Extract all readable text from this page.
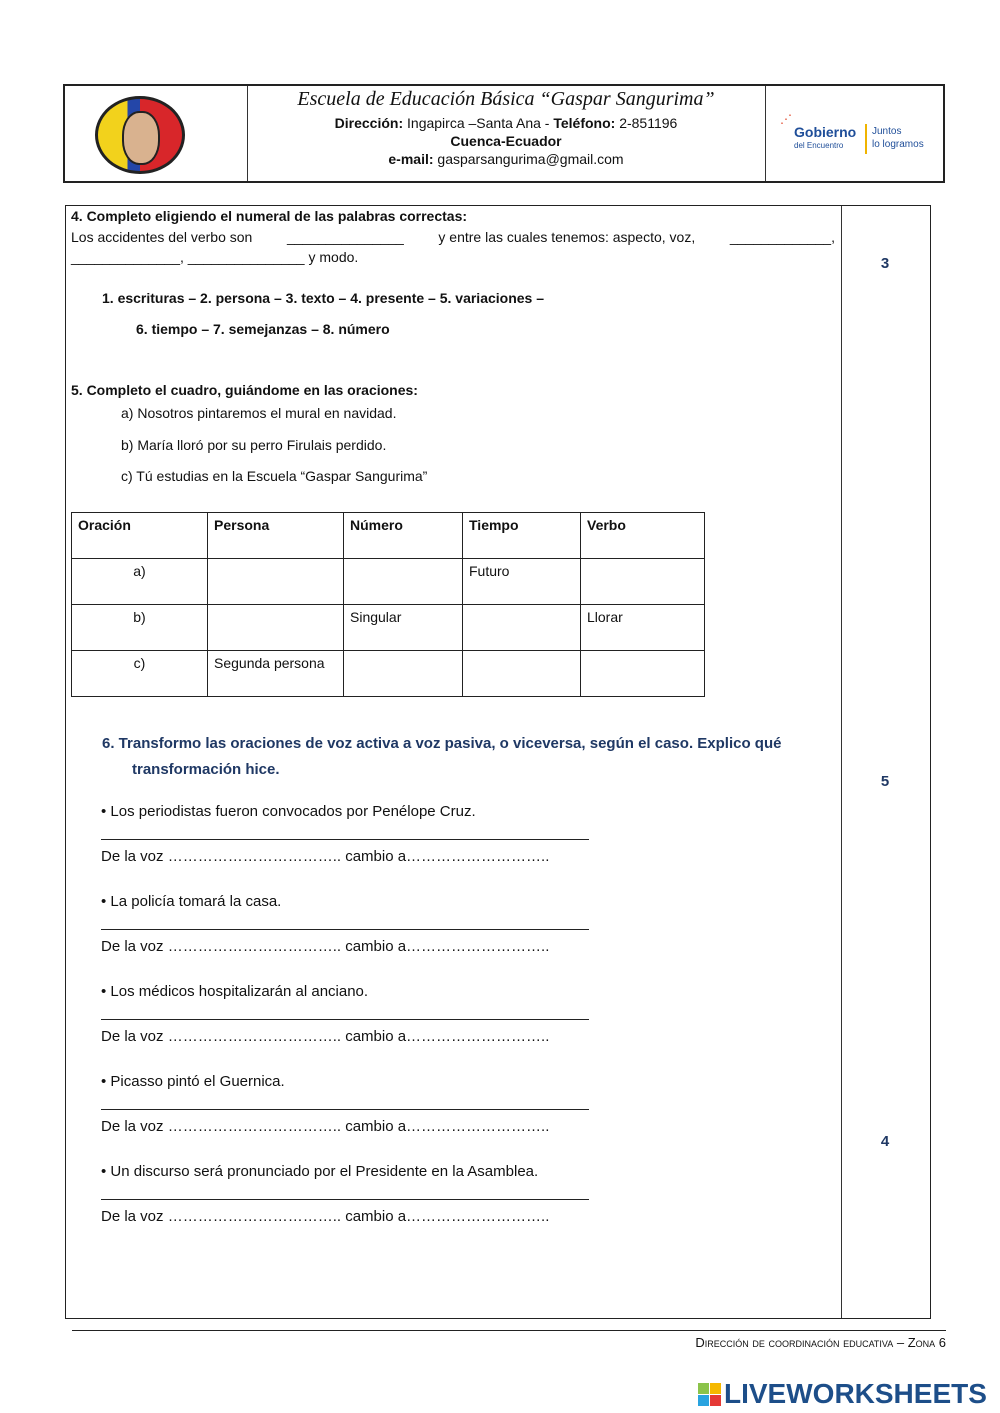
Escuela de Educación Básica “Gaspar Sangurima”
Dirección: Ingapirca –Santa Ana - Teléfono: 2-851196
Cuenca-Ecuador
e-mail: gasparsangurima@gmail.com
⋰
Gobierno
del Encuentro
Juntos
lo logramos
4. Completo eligiendo el numeral de las palabras correctas:
Los accidentes del verbo son _______________ y entre las cuales tenemos: aspecto, voz, _____________,
______________, _______________ y modo.
1. escrituras – 2. persona – 3. texto – 4. presente – 5. variaciones –
6. tiempo – 7. semejanzas – 8. número
3
5. Completo el cuadro, guiándome en las oraciones:
a) Nosotros pintaremos el mural en navidad.
b) María lloró por su perro Firulais perdido.
c) Tú estudias en la Escuela “Gaspar Sangurima”
Oración	Persona	Número	Tiempo	Verbo
a)			Futuro	
b)		Singular		Llorar
c)	Segunda persona			
6. Transformo las oraciones de voz activa a voz pasiva, o viceversa, según el caso. Explico qué
transformación hice.
5
4
• Los periodistas fueron convocados por Penélope Cruz.
De la voz …………………………….. cambio a………………………..
• La policía tomará la casa.
De la voz …………………………….. cambio a………………………..
• Los médicos hospitalizarán al anciano.
De la voz …………………………….. cambio a………………………..
• Picasso pintó el Guernica.
De la voz …………………………….. cambio a………………………..
• Un discurso será pronunciado por el Presidente en la Asamblea.
De la voz …………………………….. cambio a………………………..
Dirección de coordinación educativa – Zona 6
LIVEWORKSHEETS
